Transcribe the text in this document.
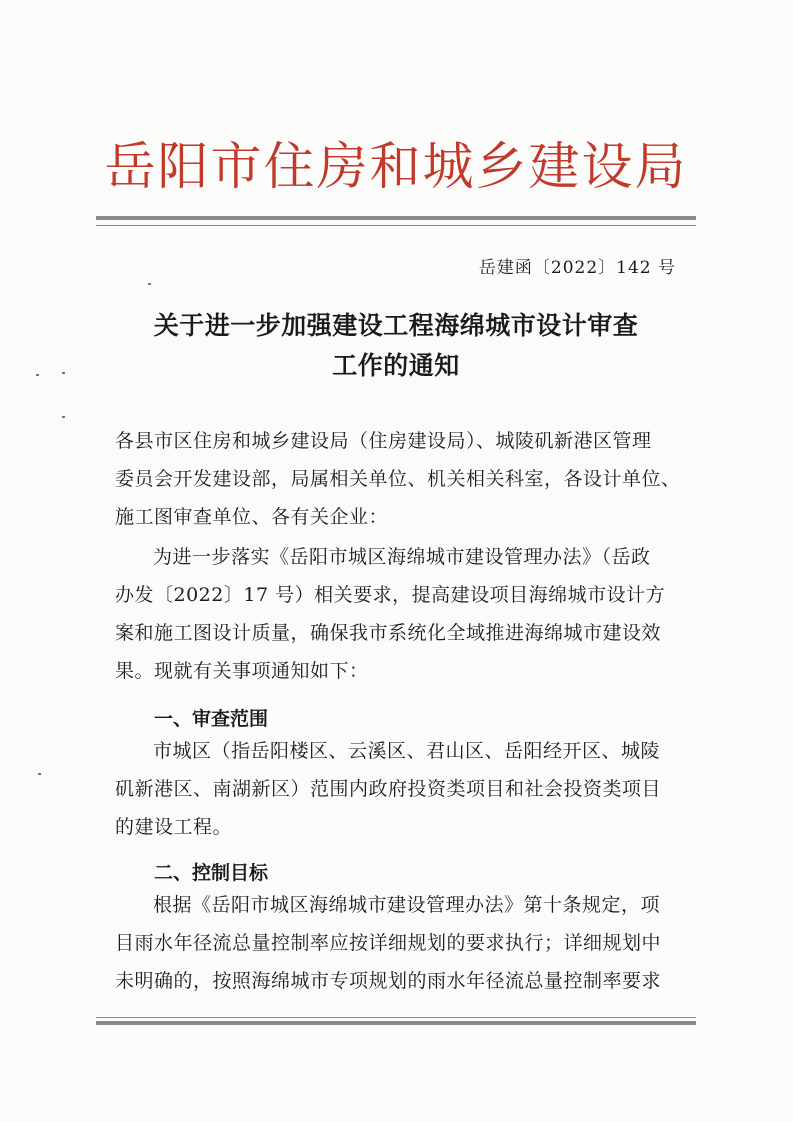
岳阳市住房和城乡建设局
岳建函〔2022〕142 号
关于进一步加强建设工程海绵城市设计审查
工作的通知
各县市区住房和城乡建设局（住房建设局）、城陵矶新港区管理
委员会开发建设部，局属相关单位、机关相关科室，各设计单位、
施工图审查单位、各有关企业：
为进一步落实《岳阳市城区海绵城市建设管理办法》（岳政
办发〔2022〕17 号）相关要求，提高建设项目海绵城市设计方
案和施工图设计质量，确保我市系统化全域推进海绵城市建设效
果。现就有关事项通知如下：
一、审查范围
市城区（指岳阳楼区、云溪区、君山区、岳阳经开区、城陵
矶新港区、南湖新区）范围内政府投资类项目和社会投资类项目
的建设工程。
二、控制目标
根据《岳阳市城区海绵城市建设管理办法》第十条规定，项
目雨水年径流总量控制率应按详细规划的要求执行；详细规划中
未明确的，按照海绵城市专项规划的雨水年径流总量控制率要求
